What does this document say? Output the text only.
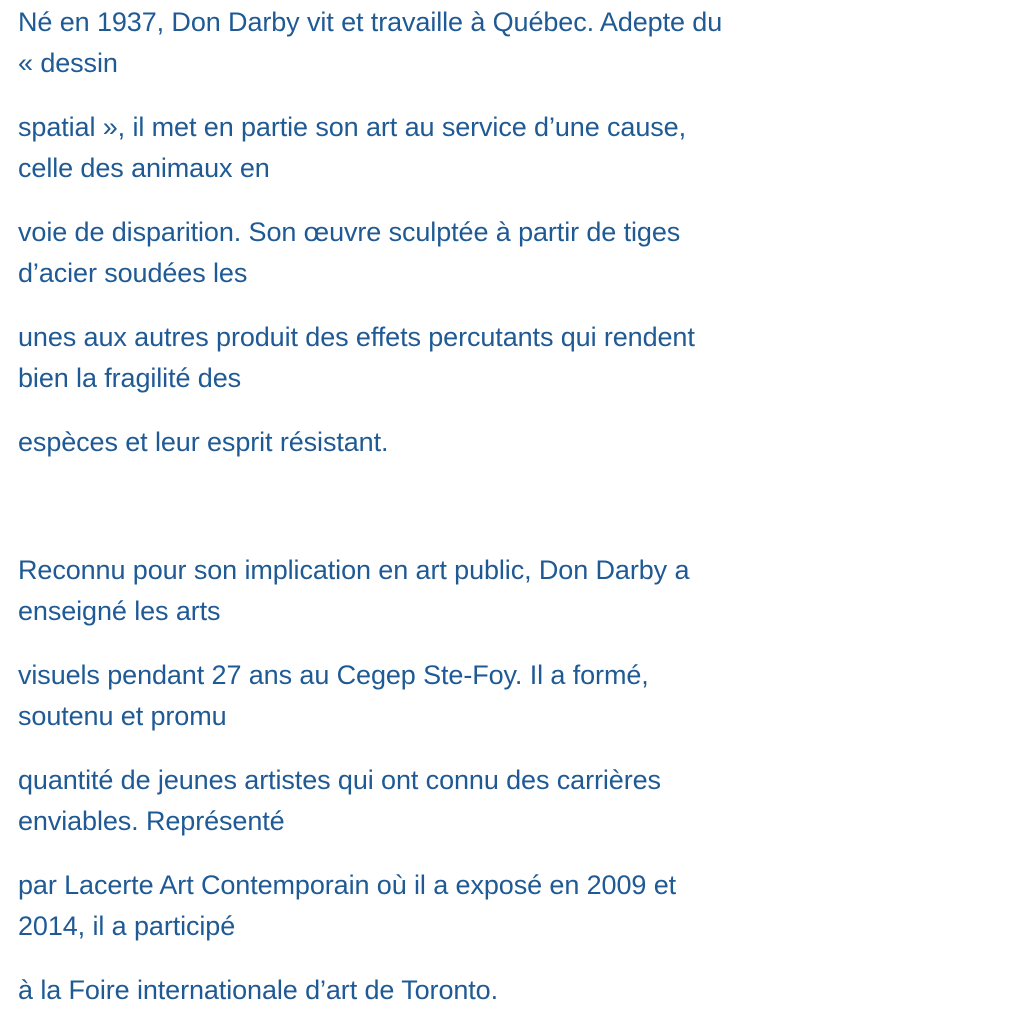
Né en 1937, Don Darby vit et travaille à Québec. Adepte du

« dessin

spatial », il met en partie son art au service d’une cause,

celle des animaux en

voie de disparition. Son œuvre sculptée à partir de tiges

d’acier soudées les

unes aux autres produit des effets percutants qui rendent

bien la fragilité des

espèces et leur esprit résistant.

Reconnu pour son implication en art public, Don Darby a

enseigné les arts

visuels pendant 27 ans au Cegep Ste-Foy. Il a formé,

soutenu et promu

quantité de jeunes artistes qui ont connu des carrières

enviables. Représenté

par Lacerte Art Contemporain où il a exposé en 2009 et

2014, il a participé

à la Foire internationale d’art de Toronto.
